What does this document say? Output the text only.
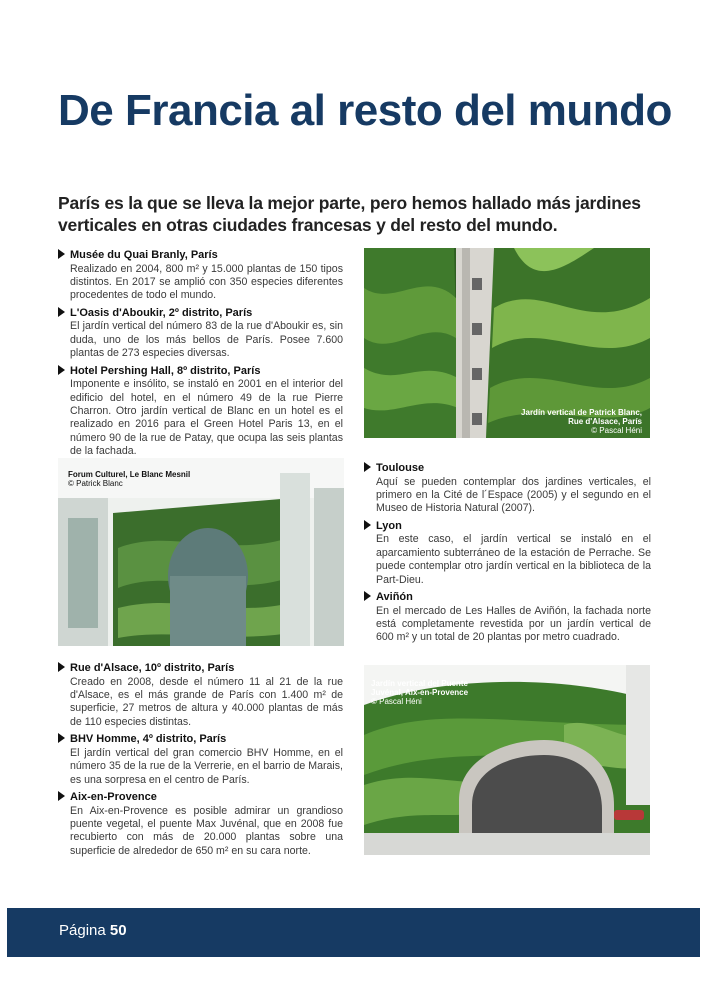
De Francia al resto del mundo

París es la que se lleva la mejor parte, pero hemos hallado más jardines verticales en otras ciudades francesas y del resto del mundo.

Musée du Quai Branly, París
Realizado en 2004, 800 m² y 15.000 plantas de 150 tipos distintos. En 2017 se amplió con 350 especies diferentes procedentes de todo el mundo.
L'Oasis d'Aboukir, 2º distrito, París
El jardín vertical del número 83 de la rue d'Aboukir es, sin duda, uno de los más bellos de París. Posee 7.600 plantas de 273 especies diversas.
Hotel Pershing Hall, 8º distrito, París
Imponente e insólito, se instaló en 2001 en el interior del edificio del hotel, en el número 49 de la rue Pierre Charron. Otro jardín vertical de Blanc en un hotel es el realizado en 2016 para el Green Hotel Paris 13, en el número 90 de la rue de Patay, que ocupa las seis plantas de la fachada.
Jardín vertical de Patrick Blanc,
Rue d'Alsace, París
© Pascal Héni
Forum Culturel, Le Blanc Mesnil
© Patrick Blanc
Toulouse
Aquí se pueden contemplar dos jardines verticales, el primero en la Cité de l´Espace (2005) y el segundo en el Museo de Historia Natural (2007).
Lyon
En este caso, el jardín vertical se instaló en el aparcamiento subterráneo de la estación de Perrache. Se puede contemplar otro jardín vertical en la biblioteca de la Part-Dieu.
Aviñón
En el mercado de Les Halles de Aviñón, la fachada norte está completamente revestida por un jardín vertical de 600 m² y un total de 20 plantas por metro cuadrado.
Rue d'Alsace, 10º distrito, París
Creado en 2008, desde el número 11 al 21 de la rue d'Alsace, es el más grande de París con 1.400 m² de superficie, 27 metros de altura y 40.000 plantas de más de 110 especies distintas.
BHV Homme, 4º distrito, París
El jardín vertical del gran comercio BHV Homme, en el número 35 de la rue de la Verrerie, en el barrio de Marais, es una sorpresa en el centro de París.
Aix-en-Provence
En Aix-en-Provence es posible admirar un grandioso puente vegetal, el puente Max Juvénal, que en 2008 fue recubierto con más de 20.000 plantas sobre una superficie de alrededor de 650 m² en su cara norte.
Jardín vertical del Puente
Juvénal, Aix-en-Provence
© Pascal Héni
Página 50
